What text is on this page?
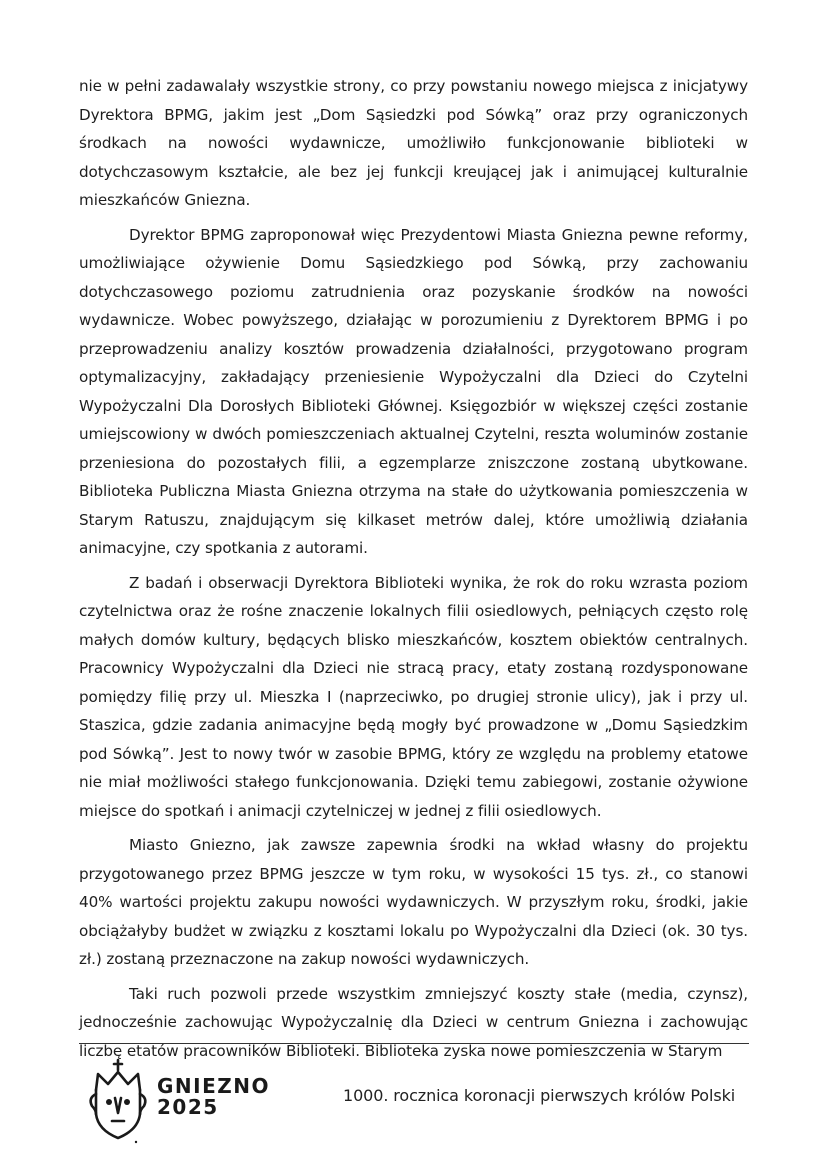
nie w pełni zadawalały wszystkie strony, co przy powstaniu nowego miejsca z inicjatywy Dyrektora BPMG, jakim jest „Dom Sąsiedzki pod Sówką” oraz przy ograniczonych środkach na nowości wydawnicze, umożliwiło funkcjonowanie biblioteki w dotychczasowym kształcie, ale bez jej funkcji kreującej jak i animującej kulturalnie mieszkańców Gniezna.

Dyrektor BPMG zaproponował więc Prezydentowi Miasta Gniezna pewne reformy, umożliwiające ożywienie Domu Sąsiedzkiego pod Sówką, przy zachowaniu dotychczasowego poziomu zatrudnienia oraz pozyskanie środków na nowości wydawnicze. Wobec powyższego, działając w porozumieniu z Dyrektorem BPMG i po przeprowadzeniu analizy kosztów prowadzenia działalności, przygotowano program optymalizacyjny, zakładający przeniesienie Wypożyczalni dla Dzieci do Czytelni Wypożyczalni Dla Dorosłych Biblioteki Głównej. Księgozbiór w większej części zostanie umiejscowiony w dwóch pomieszczeniach aktualnej Czytelni, reszta woluminów zostanie przeniesiona do pozostałych filii, a egzemplarze zniszczone zostaną ubytkowane. Biblioteka Publiczna Miasta Gniezna otrzyma na stałe do użytkowania pomieszczenia w Starym Ratuszu, znajdującym się kilkaset metrów dalej, które umożliwią działania animacyjne, czy spotkania z autorami.

Z badań i obserwacji Dyrektora Biblioteki wynika, że rok do roku wzrasta poziom czytelnictwa oraz że rośne znaczenie lokalnych filii osiedlowych, pełniących często rolę małych domów kultury, będących blisko mieszkańców, kosztem obiektów centralnych. Pracownicy Wypożyczalni dla Dzieci nie stracą pracy, etaty zostaną rozdysponowane pomiędzy filię przy ul. Mieszka I (naprzeciwko, po drugiej stronie ulicy), jak i przy ul. Staszica, gdzie zadania animacyjne będą mogły być prowadzone w „Domu Sąsiedzkim pod Sówką”. Jest to nowy twór w zasobie BPMG, który ze względu na problemy etatowe nie miał możliwości stałego funkcjonowania. Dzięki temu zabiegowi, zostanie ożywione miejsce do spotkań i animacji czytelniczej w jednej z filii osiedlowych.

Miasto Gniezno, jak zawsze zapewnia środki na wkład własny do projektu przygotowanego przez BPMG jeszcze w tym roku, w wysokości 15 tys. zł., co stanowi 40% wartości projektu zakupu nowości wydawniczych. W przyszłym roku, środki, jakie obciążałyby budżet w związku z kosztami lokalu po Wypożyczalni dla Dzieci (ok. 30 tys. zł.) zostaną przeznaczone na zakup nowości wydawniczych.

Taki ruch pozwoli przede wszystkim zmniejszyć koszty stałe (media, czynsz), jednocześnie zachowując Wypożyczalnię dla Dzieci w centrum Gniezna i zachowując liczbę etatów pracowników Biblioteki. Biblioteka zyska nowe pomieszczenia w Starym

GNIEZNO
2025	1000. rocznica koronacji pierwszych królów Polski
